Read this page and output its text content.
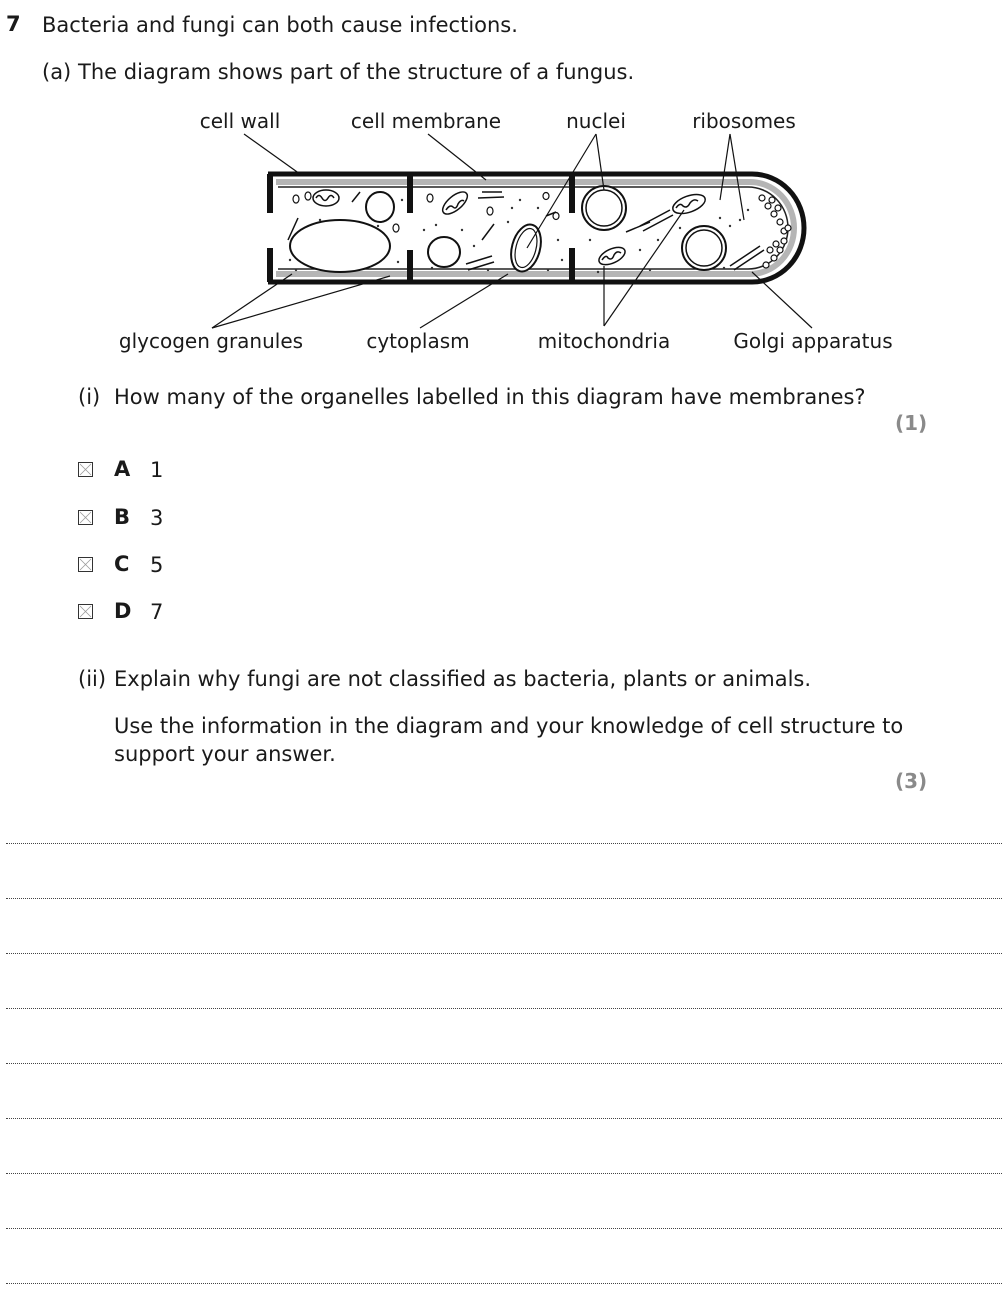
7 Bacteria and fungi can both cause infections.
(a) The diagram shows part of the structure of a fungus.
cell wall	cell membrane	nuclei	ribosomes
glycogen granules	cytoplasm	mitochondria	Golgi apparatus
(i) How many of the organelles labelled in this diagram have membranes?
(1)
A 1
B 3
C 5
D 7
(ii) Explain why fungi are not classified as bacteria, plants or animals.
Use the information in the diagram and your knowledge of cell structure to
support your answer.
(3)
